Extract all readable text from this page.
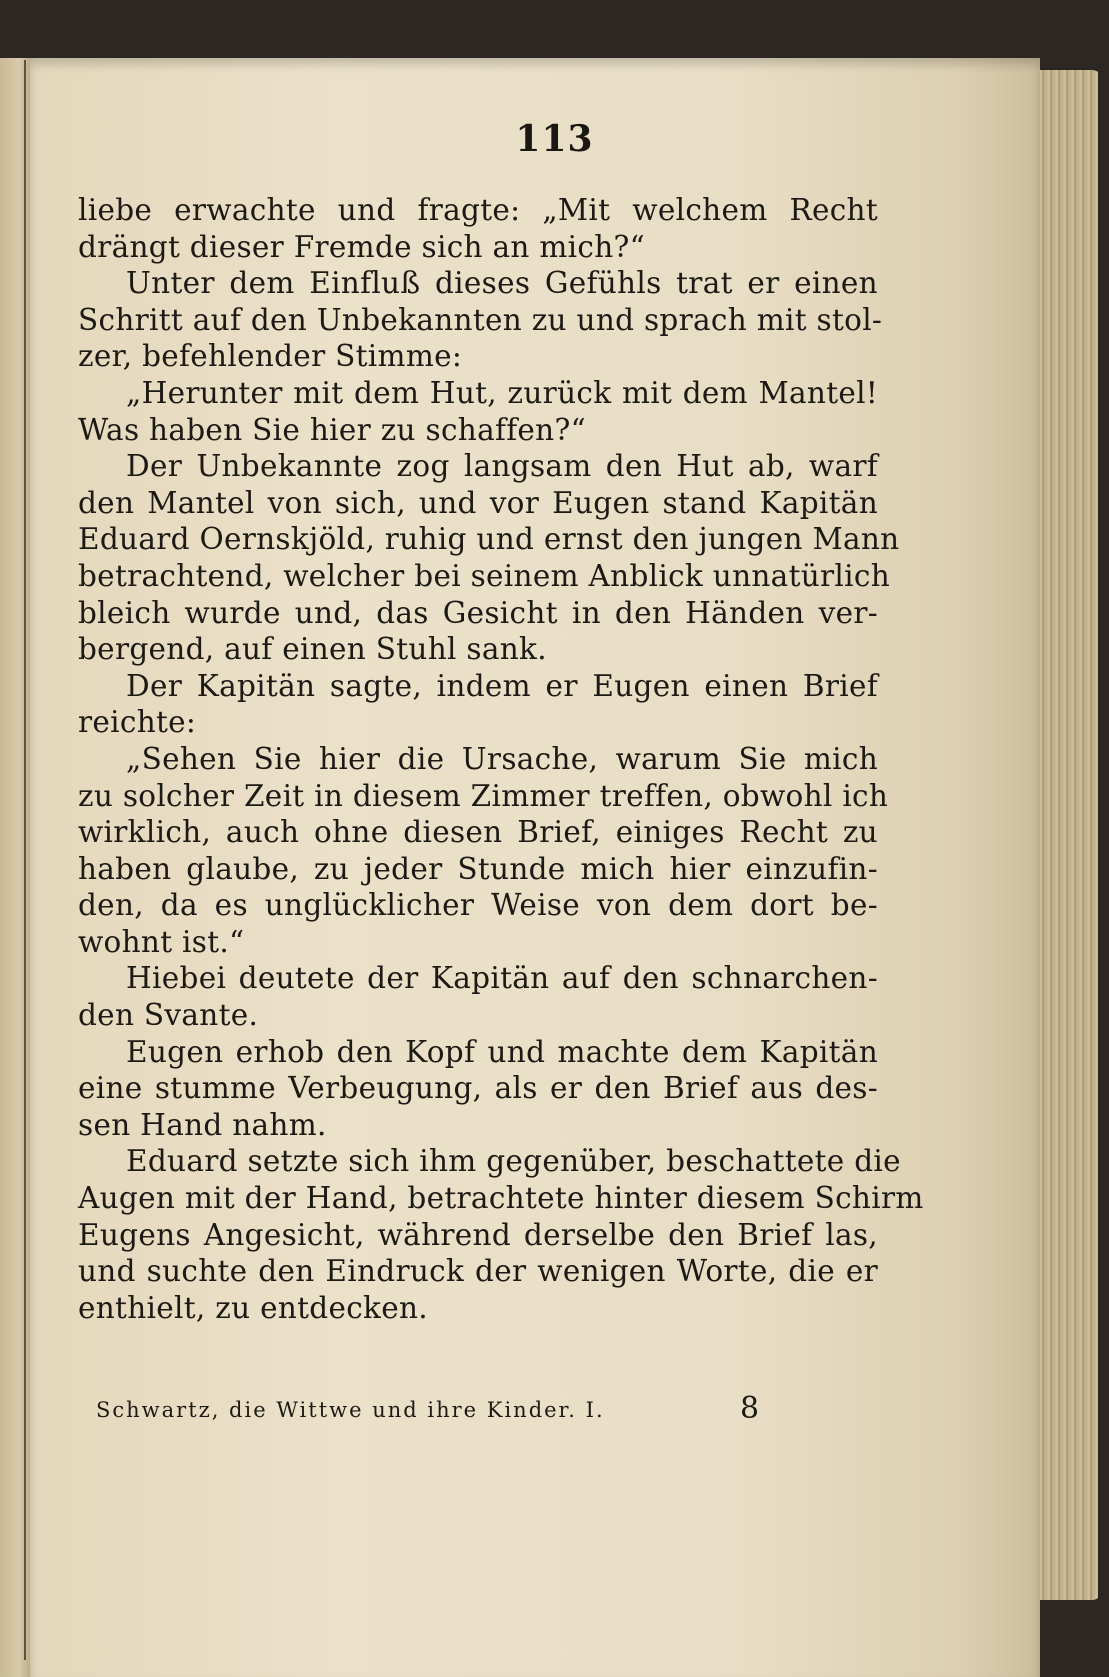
113
liebe erwachte und fragte: „Mit welchem Recht
drängt dieser Fremde sich an mich?“
Unter dem Einfluß dieses Gefühls trat er einen
Schritt auf den Unbekannten zu und sprach mit stol-
zer, befehlender Stimme:
„Herunter mit dem Hut, zurück mit dem Mantel!
Was haben Sie hier zu schaffen?“
Der Unbekannte zog langsam den Hut ab, warf
den Mantel von sich, und vor Eugen stand Kapitän
Eduard Oernskjöld, ruhig und ernst den jungen Mann
betrachtend, welcher bei seinem Anblick unnatürlich
bleich wurde und, das Gesicht in den Händen ver-
bergend, auf einen Stuhl sank.
Der Kapitän sagte, indem er Eugen einen Brief
reichte:
„Sehen Sie hier die Ursache, warum Sie mich
zu solcher Zeit in diesem Zimmer treffen, obwohl ich
wirklich, auch ohne diesen Brief, einiges Recht zu
haben glaube, zu jeder Stunde mich hier einzufin-
den, da es unglücklicher Weise von dem dort be-
wohnt ist.“
Hiebei deutete der Kapitän auf den schnarchen-
den Svante.
Eugen erhob den Kopf und machte dem Kapitän
eine stumme Verbeugung, als er den Brief aus des-
sen Hand nahm.
Eduard setzte sich ihm gegenüber, beschattete die
Augen mit der Hand, betrachtete hinter diesem Schirm
Eugens Angesicht, während derselbe den Brief las,
und suchte den Eindruck der wenigen Worte, die er
enthielt, zu entdecken.
Schwartz, die Wittwe und ihre Kinder. I.	8
